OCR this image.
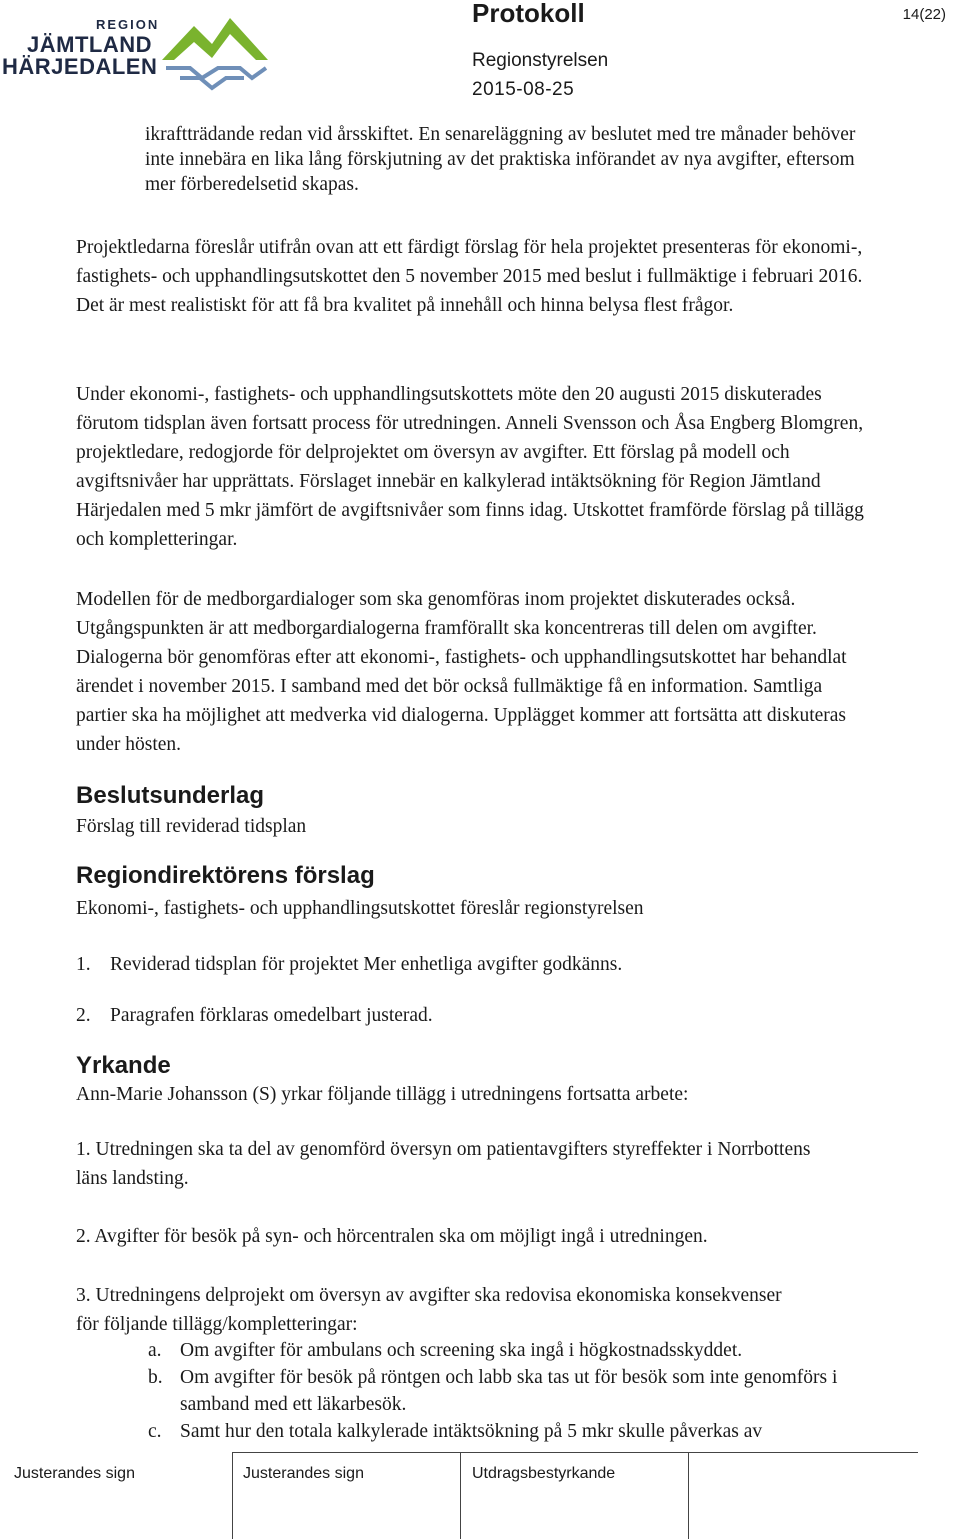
REGION
JÄMTLAND
HÄRJEDALEN
Protokoll	14(22)
Regionstyrelsen
2015-08-25

ikraftträdande redan vid årsskiftet. En senareläggning av beslutet med tre månader behöver inte innebära en lika lång förskjutning av det praktiska införandet av nya avgifter, eftersom mer förberedelsetid skapas.

Projektledarna föreslår utifrån ovan att ett färdigt förslag för hela projektet presenteras för ekonomi-, fastighets- och upphandlingsutskottet den 5 november 2015 med beslut i fullmäktige i februari 2016. Det är mest realistiskt för att få bra kvalitet på innehåll och hinna belysa flest frågor.

Under ekonomi-, fastighets- och upphandlingsutskottets möte den 20 augusti 2015 diskuterades förutom tidsplan även fortsatt process för utredningen. Anneli Svensson och Åsa Engberg Blomgren, projektledare, redogjorde för delprojektet om översyn av avgifter. Ett förslag på modell och avgiftsnivåer har upprättats. Förslaget innebär en kalkylerad intäktsökning för Region Jämtland Härjedalen med 5 mkr jämfört de avgiftsnivåer som finns idag. Utskottet framförde förslag på tillägg och kompletteringar.

Modellen för de medborgardialoger som ska genomföras inom projektet diskuterades också. Utgångspunkten är att medborgardialogerna framförallt ska koncentreras till delen om avgifter. Dialogerna bör genomföras efter att ekonomi-, fastighets- och upphandlingsutskottet har behandlat ärendet i november 2015. I samband med det bör också fullmäktige få en information. Samtliga partier ska ha möjlighet att medverka vid dialogerna. Upplägget kommer att fortsätta att diskuteras under hösten.

Beslutsunderlag

Förslag till reviderad tidsplan

Regiondirektörens förslag

Ekonomi-, fastighets- och upphandlingsutskottet föreslår regionstyrelsen

1. Reviderad tidsplan för projektet Mer enhetliga avgifter godkänns.
2. Paragrafen förklaras omedelbart justerad.
Yrkande

Ann-Marie Johansson (S) yrkar följande tillägg i utredningens fortsatta arbete:

1. Utredningen ska ta del av genomförd översyn om patientavgifters styreffekter i Norrbottens läns landsting.

2. Avgifter för besök på syn- och hörcentralen ska om möjligt ingå i utredningen.

3. Utredningens delprojekt om översyn av avgifter ska redovisa ekonomiska konsekvenser för följande tillägg/kompletteringar:

a. Om avgifter för ambulans och screening ska ingå i högkostnadsskyddet.
b. Om avgifter för besök på röntgen och labb ska tas ut för besök som inte genomförs i samband med ett läkarbesök.
c. Samt hur den totala kalkylerade intäktsökning på 5 mkr skulle påverkas av
Justerandes sign	Justerandes sign	Utdragsbestyrkande
